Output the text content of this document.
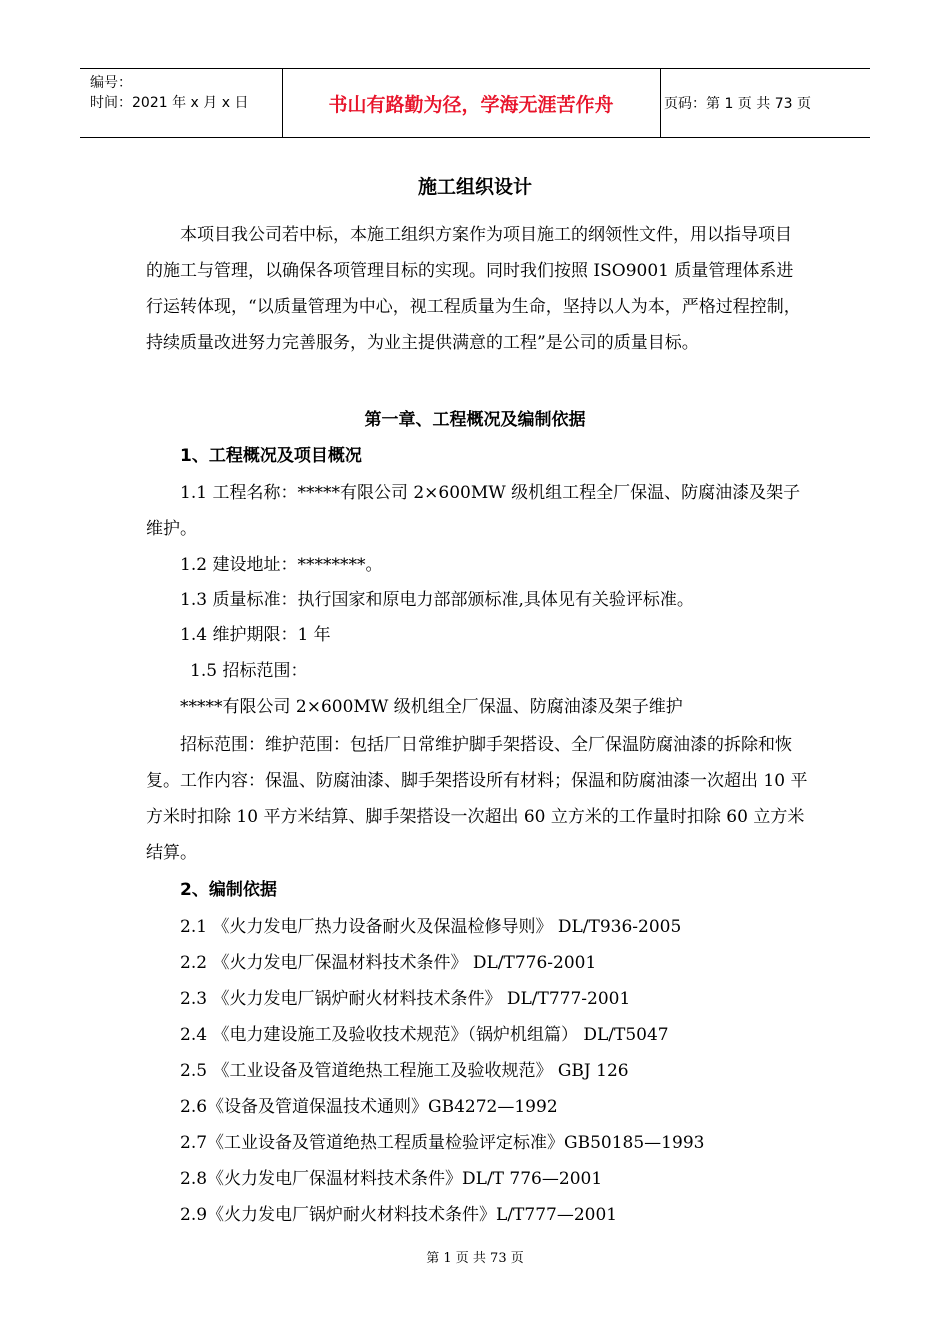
编号：
时间：2021 年 x 月 x 日	书山有路勤为径，学海无涯苦作舟	页码：第 1 页 共 73 页
施工组织设计

本项目我公司若中标，本施工组织方案作为项目施工的纲领性文件，用以指导项目的施工与管理，以确保各项管理目标的实现。同时我们按照 ISO9001 质量管理体系进行运转体现，“以质量管理为中心，视工程质量为生命，坚持以人为本，严格过程控制，持续质量改进努力完善服务，为业主提供满意的工程”是公司的质量目标。

第一章、工程概况及编制依据
1、工程概况及项目概况

1.1 工程名称：*****有限公司 2×600MW 级机组工程全厂保温、防腐油漆及架子维护。

1.2 建设地址：********。
1.3 质量标准：执行国家和原电力部部颁标准,具体见有关验评标准。
1.4 维护期限：1 年
1.5 招标范围：
*****有限公司 2×600MW 级机组全厂保温、防腐油漆及架子维护

招标范围：维护范围：包括厂日常维护脚手架搭设、全厂保温防腐油漆的拆除和恢复。工作内容：保温、防腐油漆、脚手架搭设所有材料；保温和防腐油漆一次超出 10 平方米时扣除 10 平方米结算、脚手架搭设一次超出 60 立方米的工作量时扣除 60 立方米结算。

2、编制依据
2.1 《火力发电厂热力设备耐火及保温检修导则》 DL/T936-2005
2.2 《火力发电厂保温材料技术条件》 DL/T776-2001
2.3 《火力发电厂锅炉耐火材料技术条件》 DL/T777-2001
2.4 《电力建设施工及验收技术规范》（锅炉机组篇） DL/T5047
2.5 《工业设备及管道绝热工程施工及验收规范》 GBJ 126
2.6《设备及管道保温技术通则》GB4272—1992
2.7《工业设备及管道绝热工程质量检验评定标准》GB50185—1993
2.8《火力发电厂保温材料技术条件》DL/T 776—2001
2.9《火力发电厂锅炉耐火材料技术条件》L/T777—2001
第 1 页 共 73 页
